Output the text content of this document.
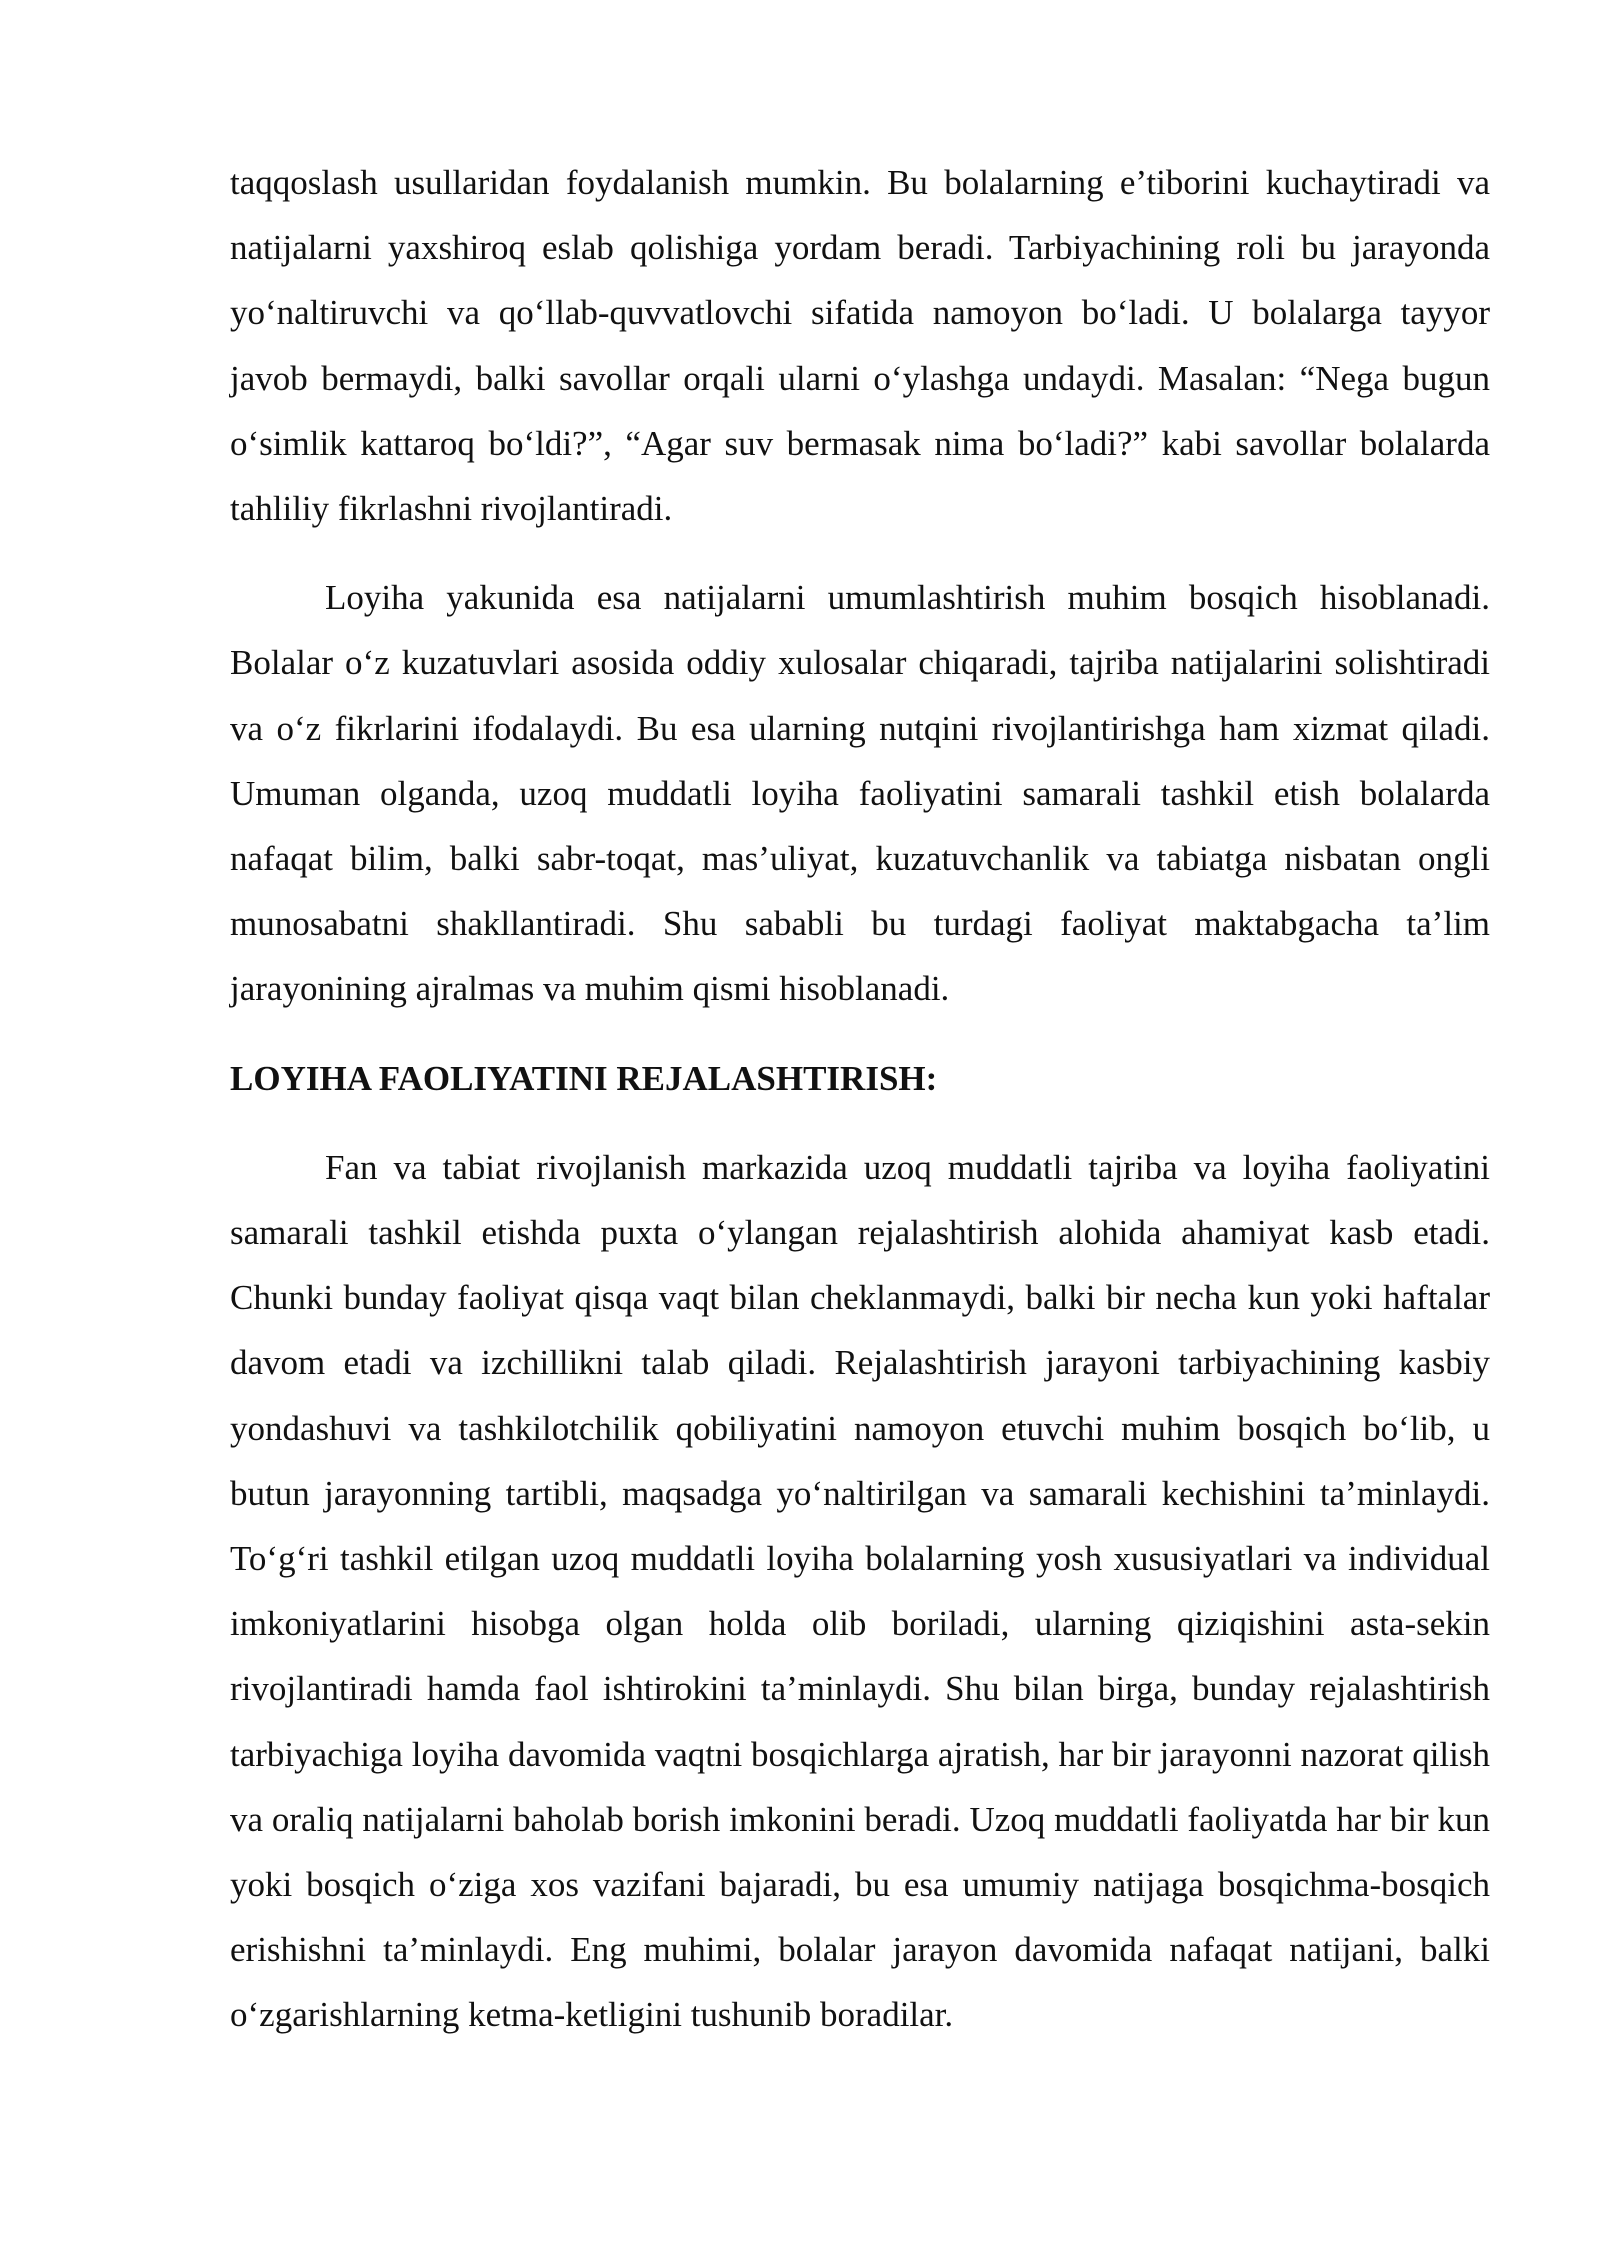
taqqoslash usullaridan foydalanish mumkin. Bu bolalarning e’tiborini kuchaytiradi va natijalarni yaxshiroq eslab qolishiga yordam beradi. Tarbiyachining roli bu jarayonda yo‘naltiruvchi va qo‘llab-quvvatlovchi sifatida namoyon bo‘ladi. U bolalarga tayyor javob bermaydi, balki savollar orqali ularni o‘ylashga undaydi. Masalan: “Nega bugun o‘simlik kattaroq bo‘ldi?”, “Agar suv bermasak nima bo‘ladi?” kabi savollar bolalarda tahliliy fikrlashni rivojlantiradi.

Loyiha yakunida esa natijalarni umumlashtirish muhim bosqich hisoblanadi. Bolalar o‘z kuzatuvlari asosida oddiy xulosalar chiqaradi, tajriba natijalarini solishtiradi va o‘z fikrlarini ifodalaydi. Bu esa ularning nutqini rivojlantirishga ham xizmat qiladi. Umuman olganda, uzoq muddatli loyiha faoliyatini samarali tashkil etish bolalarda nafaqat bilim, balki sabr-toqat, mas’uliyat, kuzatuvchanlik va tabiatga nisbatan ongli munosabatni shakllantiradi. Shu sababli bu turdagi faoliyat maktabgacha ta’lim jarayonining ajralmas va muhim qismi hisoblanadi.

LOYIHA FAOLIYATINI REJALASHTIRISH:

Fan va tabiat rivojlanish markazida uzoq muddatli tajriba va loyiha faoliyatini samarali tashkil etishda puxta o‘ylangan rejalashtirish alohida ahamiyat kasb etadi. Chunki bunday faoliyat qisqa vaqt bilan cheklanmaydi, balki bir necha kun yoki haftalar davom etadi va izchillikni talab qiladi. Rejalashtirish jarayoni tarbiyachining kasbiy yondashuvi va tashkilotchilik qobiliyatini namoyon etuvchi muhim bosqich bo‘lib, u butun jarayonning tartibli, maqsadga yo‘naltirilgan va samarali kechishini ta’minlaydi. To‘g‘ri tashkil etilgan uzoq muddatli loyiha bolalarning yosh xususiyatlari va individual imkoniyatlarini hisobga olgan holda olib boriladi, ularning qiziqishini asta-sekin rivojlantiradi hamda faol ishtirokini ta’minlaydi. Shu bilan birga, bunday rejalashtirish tarbiyachiga loyiha davomida vaqtni bosqichlarga ajratish, har bir jarayonni nazorat qilish va oraliq natijalarni baholab borish imkonini beradi. Uzoq muddatli faoliyatda har bir kun yoki bosqich o‘ziga xos vazifani bajaradi, bu esa umumiy natijaga bosqichma-bosqich erishishni ta’minlaydi. Eng muhimi, bolalar jarayon davomida nafaqat natijani, balki o‘zgarishlarning ketma-ketligini tushunib boradilar.
